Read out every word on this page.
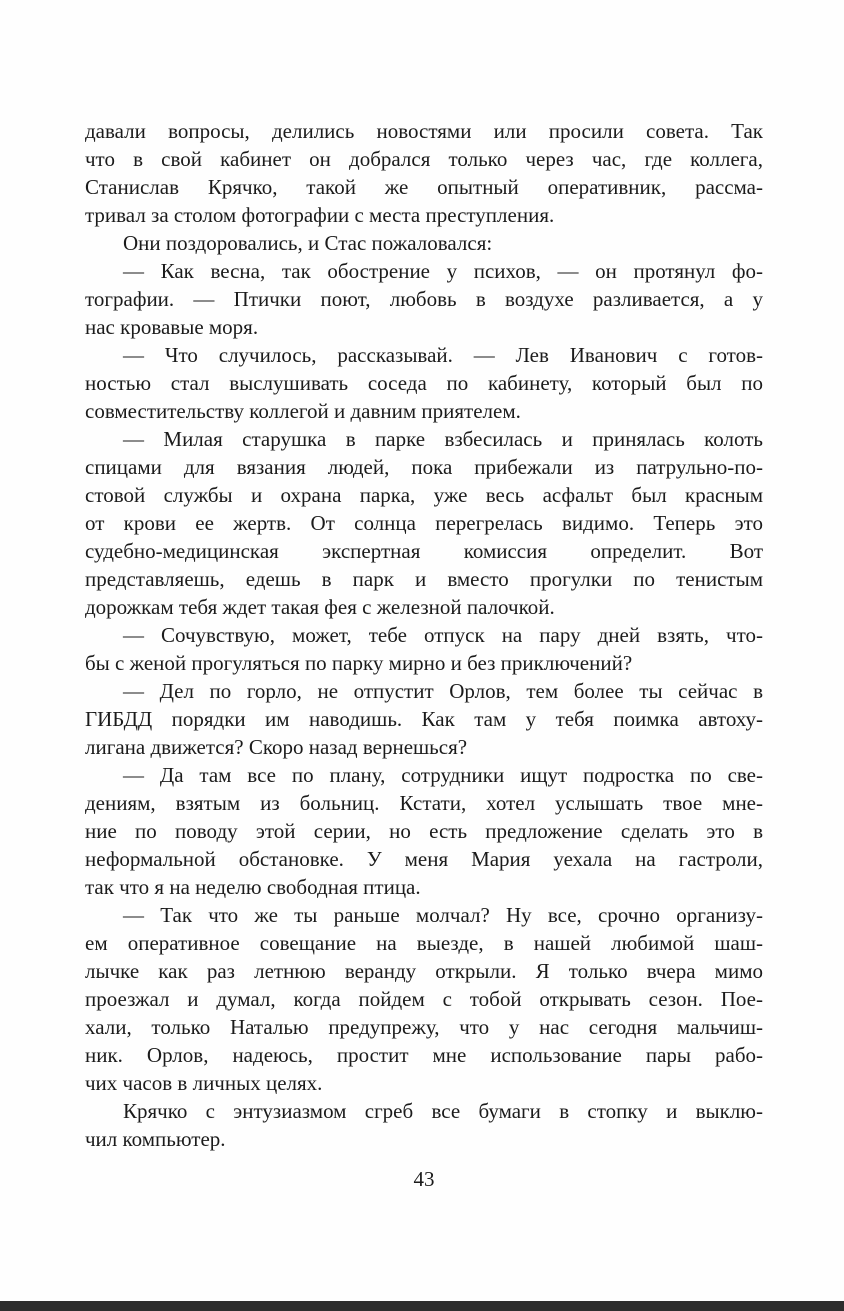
давали вопросы, делились новостями или просили совета. Так
что в свой кабинет он добрался только через час, где коллега,
Станислав Крячко, такой же опытный оперативник, рассма-
тривал за столом фотографии с места преступления.
Они поздоровались, и Стас пожаловался:
— Как весна, так обострение у психов, — он протянул фо-
тографии. — Птички поют, любовь в воздухе разливается, а у
нас кровавые моря.
— Что случилось, рассказывай. — Лев Иванович с готов-
ностью стал выслушивать соседа по кабинету, который был по
совместительству коллегой и давним приятелем.
— Милая старушка в парке взбесилась и принялась колоть
спицами для вязания людей, пока прибежали из патрульно-по-
стовой службы и охрана парка, уже весь асфальт был красным
от крови ее жертв. От солнца перегрелась видимо. Теперь это
судебно-медицинская экспертная комиссия определит. Вот
представляешь, едешь в парк и вместо прогулки по тенистым
дорожкам тебя ждет такая фея с железной палочкой.
— Сочувствую, может, тебе отпуск на пару дней взять, что-
бы с женой прогуляться по парку мирно и без приключений?
— Дел по горло, не отпустит Орлов, тем более ты сейчас в
ГИБДД порядки им наводишь. Как там у тебя поимка автоху-
лигана движется? Скоро назад вернешься?
— Да там все по плану, сотрудники ищут подростка по све-
дениям, взятым из больниц. Кстати, хотел услышать твое мне-
ние по поводу этой серии, но есть предложение сделать это в
неформальной обстановке. У меня Мария уехала на гастроли,
так что я на неделю свободная птица.
— Так что же ты раньше молчал? Ну все, срочно организу-
ем оперативное совещание на выезде, в нашей любимой шаш-
лычке как раз летнюю веранду открыли. Я только вчера мимо
проезжал и думал, когда пойдем с тобой открывать сезон. Пое-
хали, только Наталью предупрежу, что у нас сегодня мальчиш-
ник. Орлов, надеюсь, простит мне использование пары рабо-
чих часов в личных целях.
Крячко с энтузиазмом сгреб все бумаги в стопку и выклю-
чил компьютер.
43
